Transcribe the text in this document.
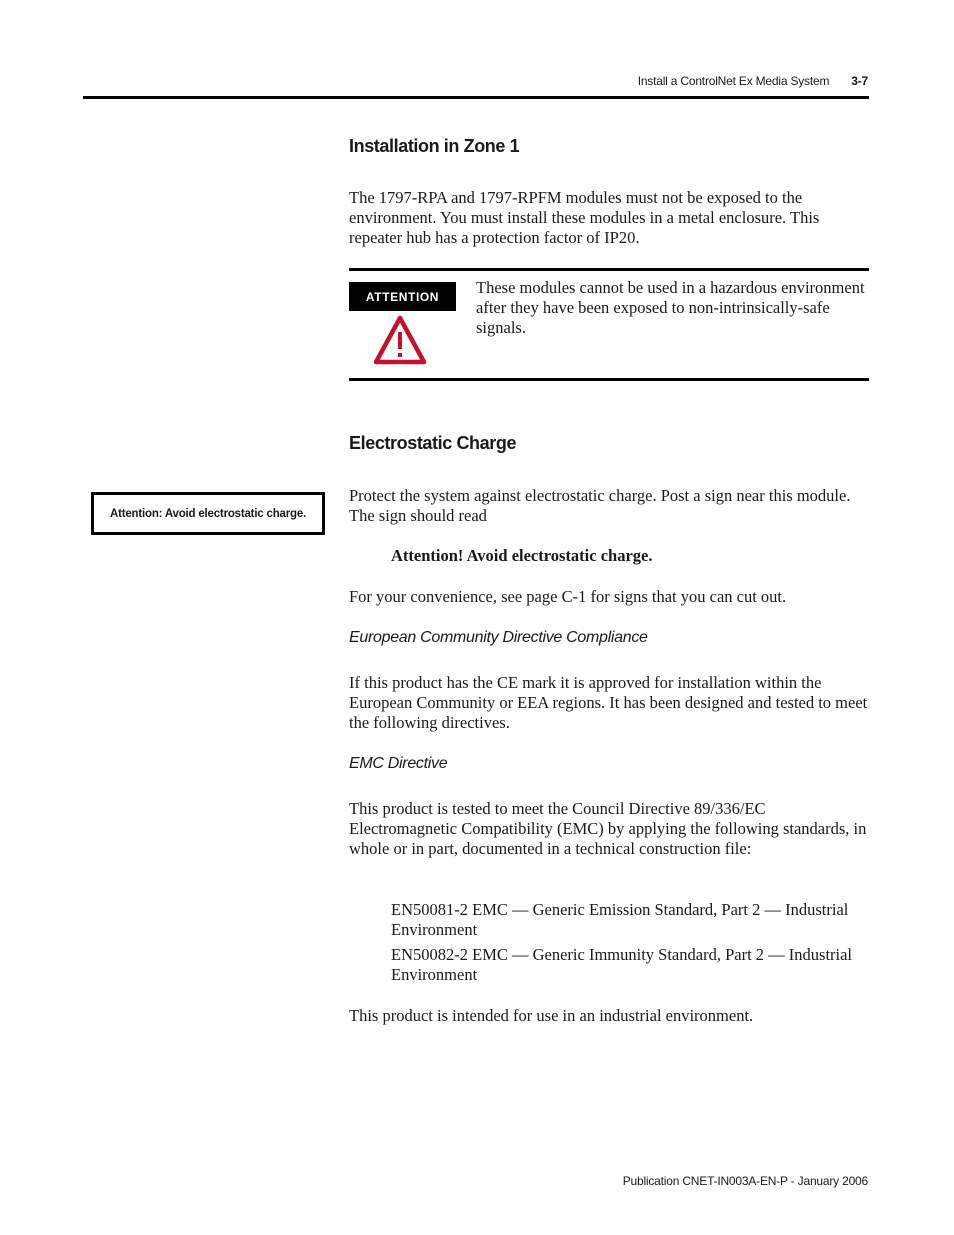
Install a ControlNet Ex Media System 3-7
Installation in Zone 1

The 1797-RPA and 1797-RPFM modules must not be exposed to the environment. You must install these modules in a metal enclosure. This repeater hub has a protection factor of IP20.

ATTENTION	These modules cannot be used in a hazardous environment after they have been exposed to non-intrinsically-safe signals.

Electrostatic Charge
Attention: Avoid electrostatic charge.

Protect the system against electrostatic charge. Post a sign near this module. The sign should read

Attention! Avoid electrostatic charge.

For your convenience, see page C-1 for signs that you can cut out.

European Community Directive Compliance

If this product has the CE mark it is approved for installation within the European Community or EEA regions. It has been designed and tested to meet the following directives.

EMC Directive

This product is tested to meet the Council Directive 89/336/EC Electromagnetic Compatibility (EMC) by applying the following standards, in whole or in part, documented in a technical construction file:

EN50081-2 EMC — Generic Emission Standard, Part 2 — Industrial Environment

EN50082-2 EMC — Generic Immunity Standard, Part 2 — Industrial Environment

This product is intended for use in an industrial environment.

Publication CNET-IN003A-EN-P - January 2006
